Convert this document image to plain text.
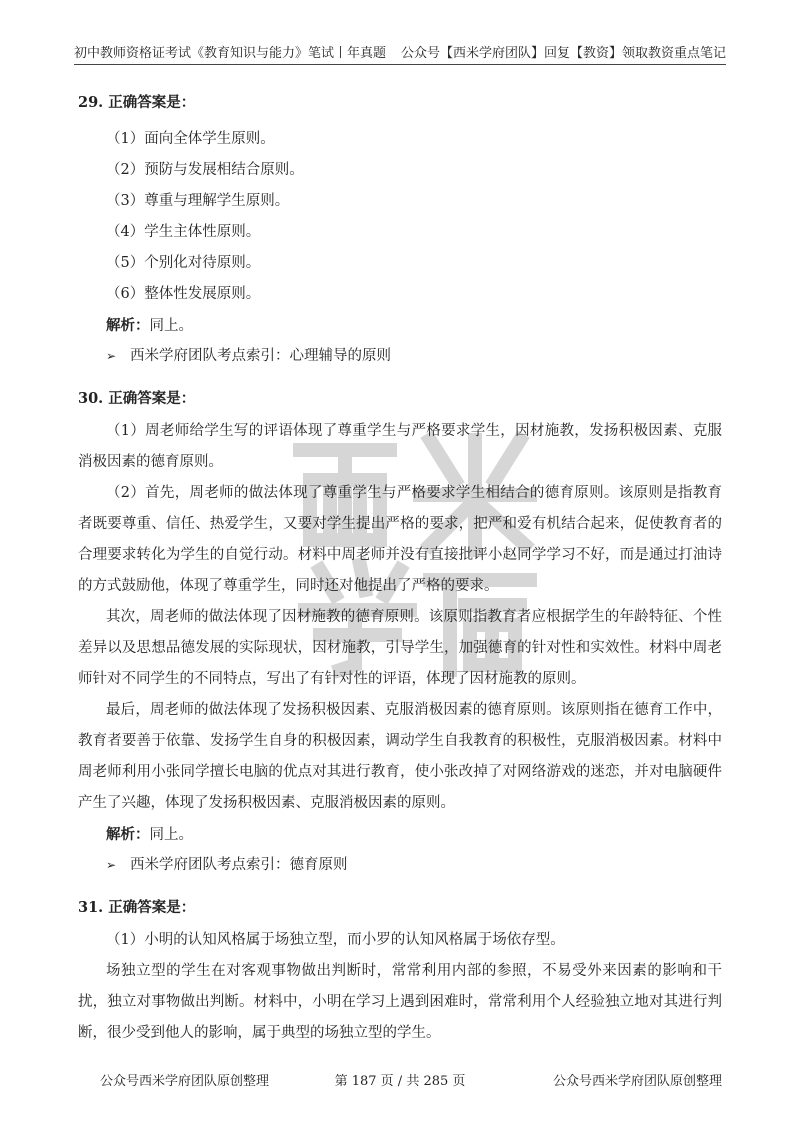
初中教师资格证考试《教育知识与能力》笔试丨年真题 公众号【西米学府团队】回复【教资】领取教资重点笔记

29. 正确答案是：

（1）面向全体学生原则。

（2）预防与发展相结合原则。

（3）尊重与理解学生原则。

（4）学生主体性原则。

（5）个别化对待原则。

（6）整体性发展原则。

解析：同上。

➢ 西米学府团队考点索引：心理辅导的原则

30. 正确答案是：

（1）周老师给学生写的评语体现了尊重学生与严格要求学生，因材施教，发扬积极因素、克服消极因素的德育原则。

（2）首先，周老师的做法体现了尊重学生与严格要求学生相结合的德育原则。该原则是指教育者既要尊重、信任、热爱学生，又要对学生提出严格的要求，把严和爱有机结合起来，促使教育者的合理要求转化为学生的自觉行动。材料中周老师并没有直接批评小赵同学学习不好，而是通过打油诗的方式鼓励他，体现了尊重学生，同时还对他提出了严格的要求。

其次，周老师的做法体现了因材施教的德育原则。该原则指教育者应根据学生的年龄特征、个性差异以及思想品德发展的实际现状，因材施教，引导学生，加强德育的针对性和实效性。材料中周老师针对不同学生的不同特点，写出了有针对性的评语，体现了因材施教的原则。

最后，周老师的做法体现了发扬积极因素、克服消极因素的德育原则。该原则指在德育工作中，教育者要善于依靠、发扬学生自身的积极因素，调动学生自我教育的积极性，克服消极因素。材料中周老师利用小张同学擅长电脑的优点对其进行教育，使小张改掉了对网络游戏的迷恋，并对电脑硬件产生了兴趣，体现了发扬积极因素、克服消极因素的原则。

解析：同上。

➢ 西米学府团队考点索引：德育原则

31. 正确答案是：

（1）小明的认知风格属于场独立型，而小罗的认知风格属于场依存型。

场独立型的学生在对客观事物做出判断时，常常利用内部的参照，不易受外来因素的影响和干扰，独立对事物做出判断。材料中，小明在学习上遇到困难时，常常利用个人经验独立地对其进行判断，很少受到他人的影响，属于典型的场独立型的学生。

公众号西米学府团队原创整理	第 187 页 / 共 285 页	公众号西米学府团队原创整理
